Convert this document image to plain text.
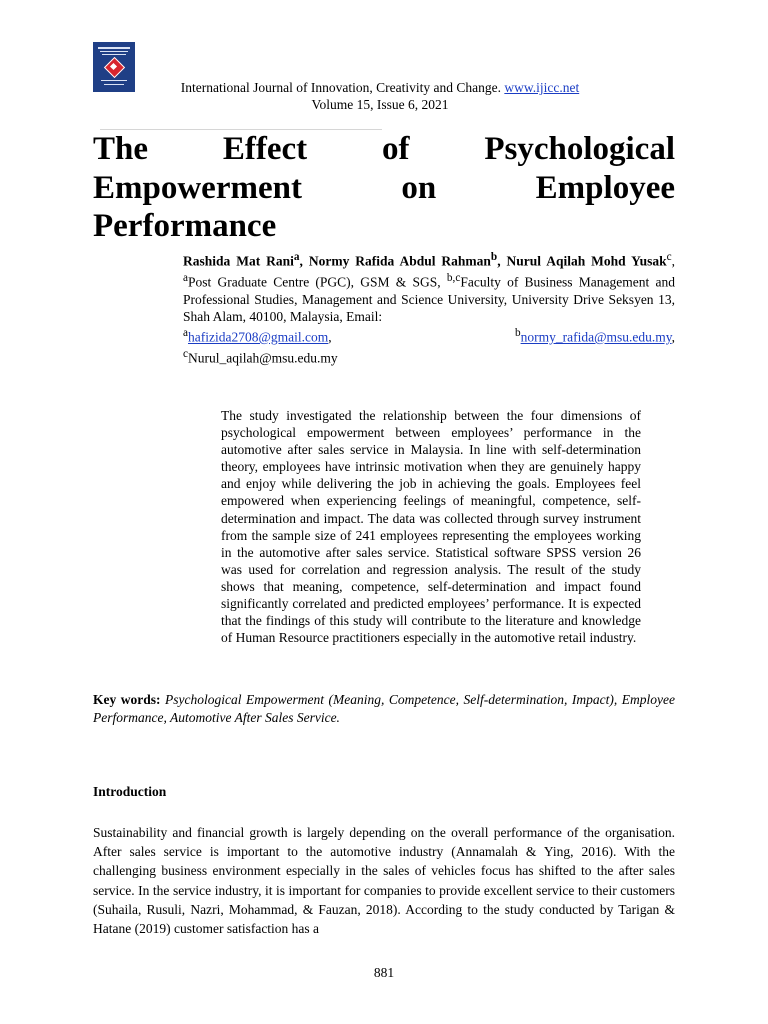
International Journal of Innovation, Creativity and Change. www.ijicc.net
Volume 15, Issue 6, 2021
The Effect of Psychological Empowerment on Employee Performance
Rashida Mat Rani$^a$, Normy Rafida Abdul Rahman$^b$, Nurul Aqilah Mohd Yusak$^c$, $^a$Post Graduate Centre (PGC), GSM & SGS, $^{b,c}$Faculty of Business Management and Professional Studies, Management and Science University, University Drive Seksyen 13, Shah Alam, 40100, Malaysia, Email:
$^a$hafizida2708@gmail.com,	$^b$normy_rafida@msu.edu.my,
$^c$Nurul_aqilah@msu.edu.my

The study investigated the relationship between the four dimensions of psychological empowerment between employees’ performance in the automotive after sales service in Malaysia. In line with self-determination theory, employees have intrinsic motivation when they are genuinely happy and enjoy while delivering the job in achieving the goals. Employees feel empowered when experiencing feelings of meaningful, competence, self-determination and impact. The data was collected through survey instrument from the sample size of 241 employees representing the employees working in the automotive after sales service. Statistical software SPSS version 26 was used for correlation and regression analysis. The result of the study shows that meaning, competence, self-determination and impact found significantly correlated and predicted employees’ performance. It is expected that the findings of this study will contribute to the literature and knowledge of Human Resource practitioners especially in the automotive retail industry.

Key words: Psychological Empowerment (Meaning, Competence, Self-determination, Impact), Employee Performance, Automotive After Sales Service.

Introduction

Sustainability and financial growth is largely depending on the overall performance of the organisation. After sales service is important to the automotive industry (Annamalah & Ying, 2016). With the challenging business environment especially in the sales of vehicles focus has shifted to the after sales service. In the service industry, it is important for companies to provide excellent service to their customers (Suhaila, Rusuli, Nazri, Mohammad, & Fauzan, 2018). According to the study conducted by Tarigan & Hatane (2019) customer satisfaction has a

881
